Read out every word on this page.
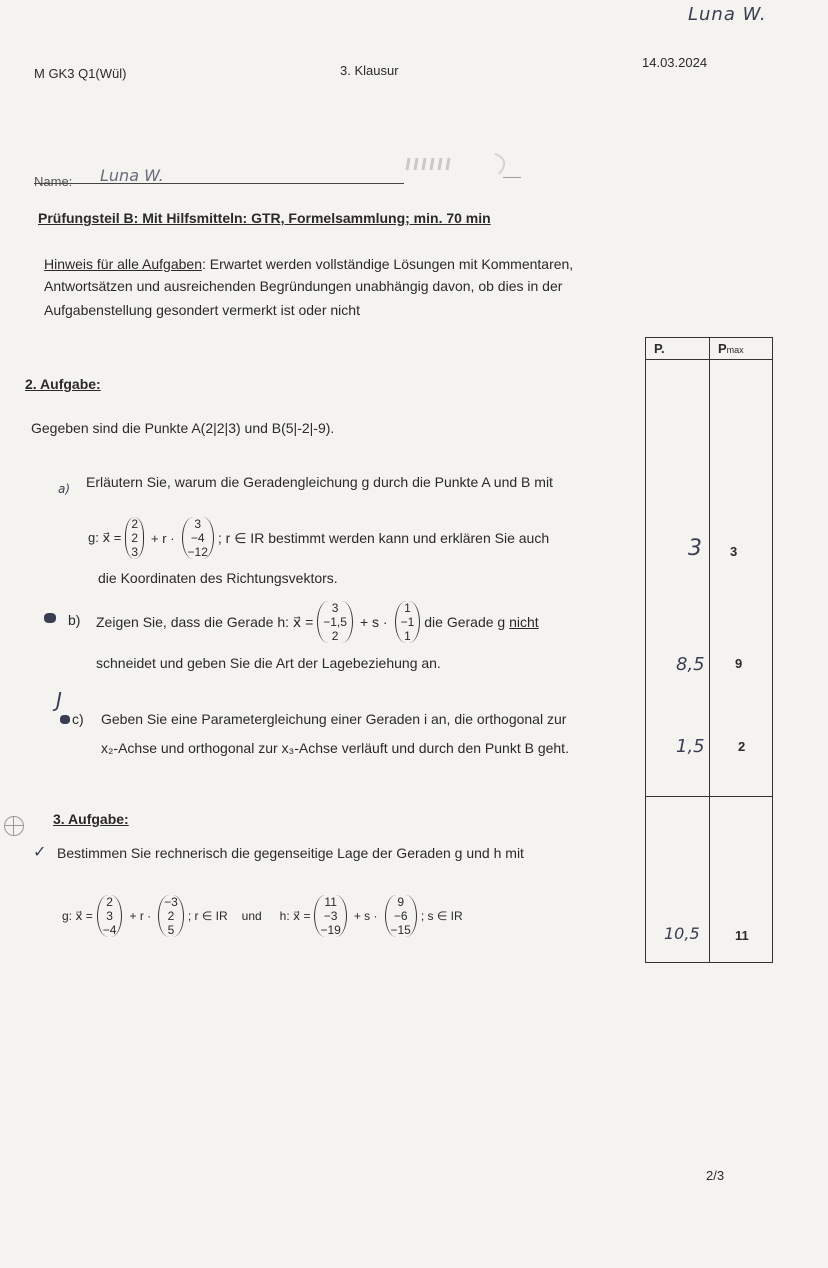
M GK3 Q1(Wül)	3. Klausur
14.03.2024
Luna W.
Name: Luna W.
Prüfungsteil B: Mit Hilfsmitteln: GTR, Formelsammlung; min. 70 min
Hinweis für alle Aufgaben: Erwartet werden vollständige Lösungen mit Kommentaren,
Antwortsätzen und ausreichenden Begründungen unabhängig davon, ob dies in der
Aufgabenstellung gesondert vermerkt ist oder nicht
2. Aufgabe:
Gegeben sind die Punkte A(2|2|3) und B(5|-2|-9).
a) Erläutern Sie, warum die Geradengleichung g durch die Punkte A und B mit
g: x⃗ =
2
2
3
+ r ·
3
−4
−12
; r ∈ IR bestimmt werden kann und erklären Sie auch
die Koordinaten des Richtungsvektors.
b) Zeigen Sie, dass die Gerade h: x⃗ =
3
−1,5
2
+ s ·
1
−1
1
die Gerade g nicht
schneidet und geben Sie die Art der Lagebeziehung an.
J
c) Geben Sie eine Parametergleichung einer Geraden i an, die orthogonal zur
x₂-Achse und orthogonal zur x₃-Achse verläuft und durch den Punkt B geht.
3. Aufgabe:
✓ Bestimmen Sie rechnerisch die gegenseitige Lage der Geraden g und h mit
g: x⃗ =
2
3
−4
+ r ·
−3
2
5
; r ∈ IR und h: x⃗ =
11
−3
−19
+ s ·
9
−6
−15
; s ∈ IR
P.	Pmax
3 3
8,5 9
1,5	2
10,5	11
2/3
